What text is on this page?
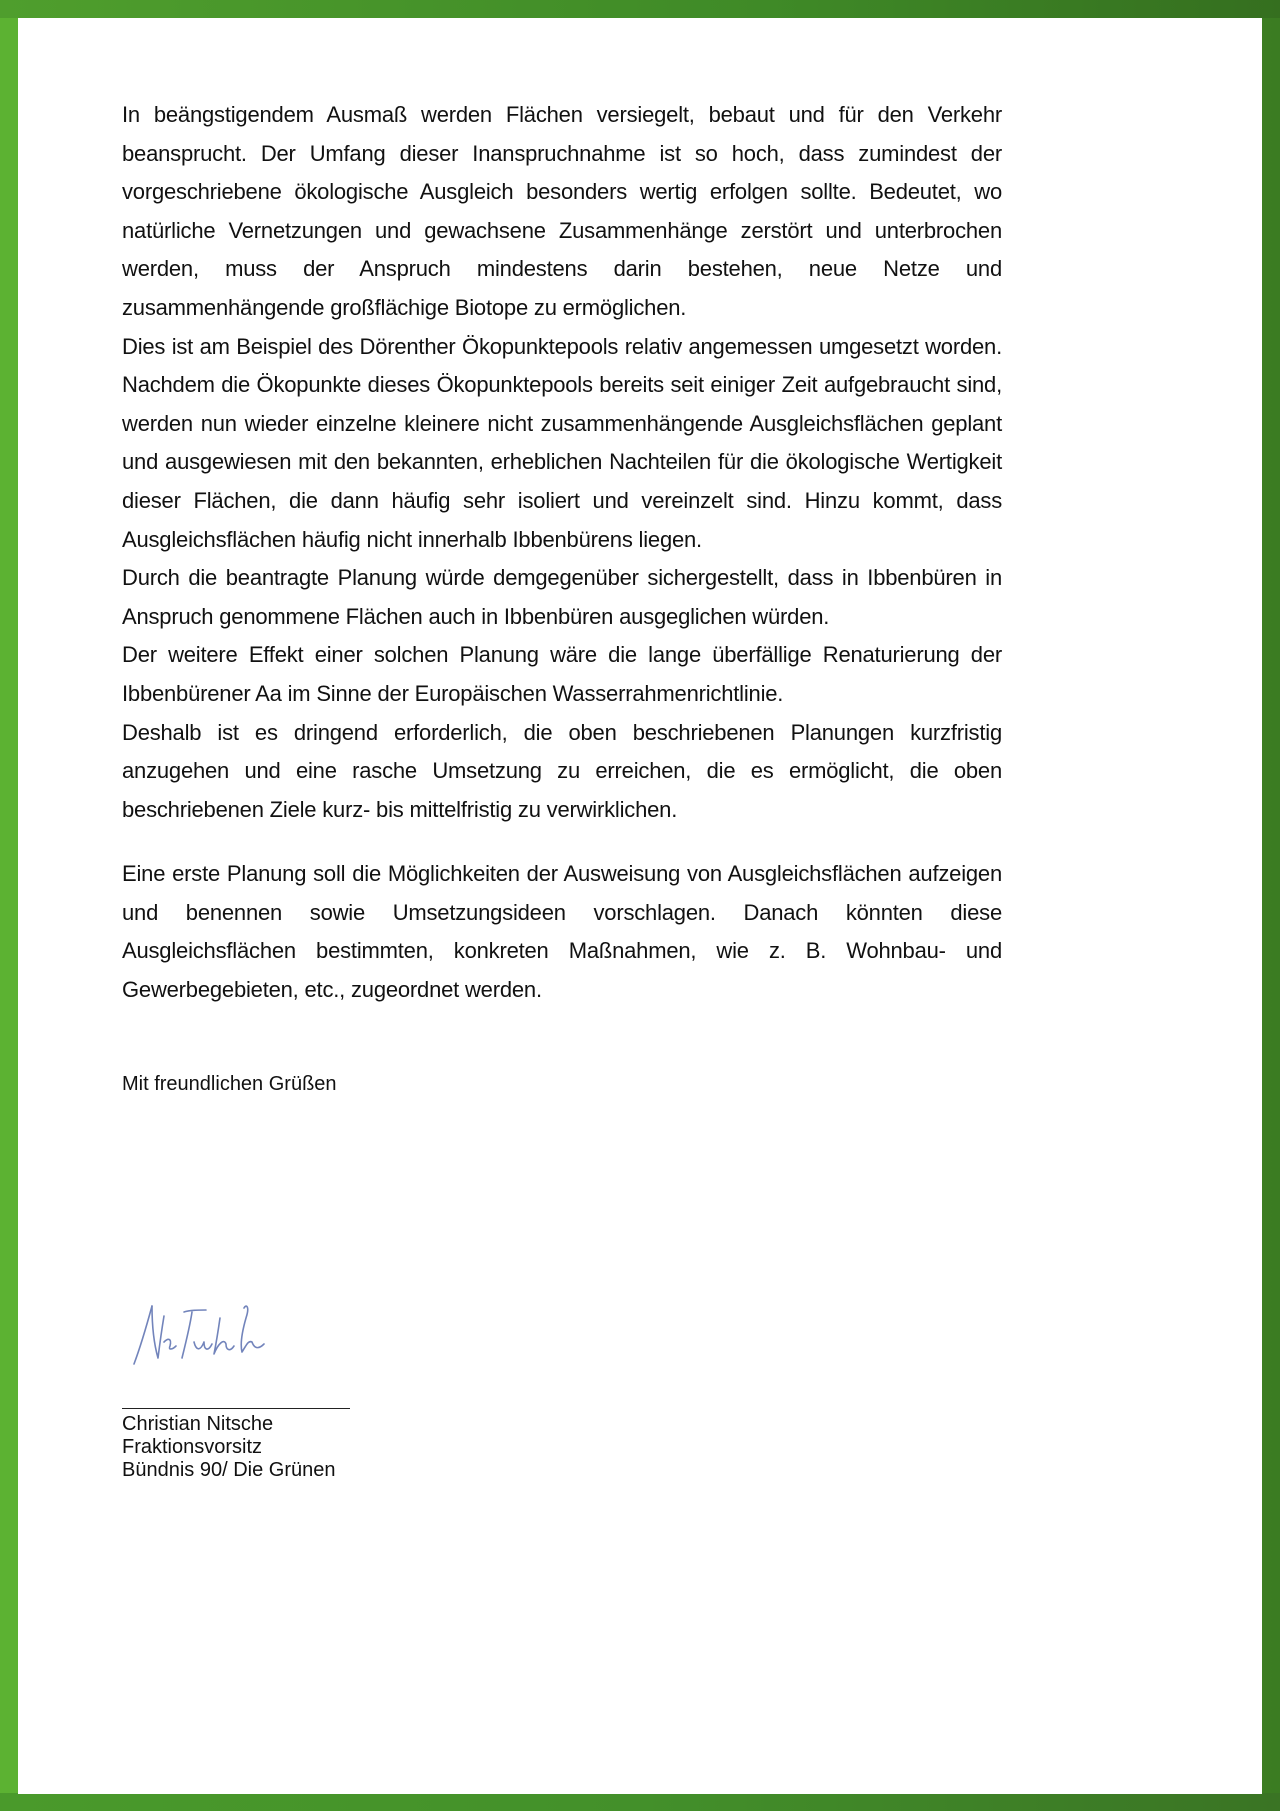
In beängstigendem Ausmaß werden Flächen versiegelt, bebaut und für den Verkehr beansprucht. Der Umfang dieser Inanspruchnahme ist so hoch, dass zumindest der vorgeschriebene ökologische Ausgleich besonders wertig erfolgen sollte. Bedeutet, wo natürliche Vernetzungen und gewachsene Zusammenhänge zerstört und unterbrochen werden, muss der Anspruch mindestens darin bestehen, neue Netze und zusammenhängende großflächige Biotope zu ermöglichen.

Dies ist am Beispiel des Dörenther Ökopunktepools relativ angemessen umgesetzt worden. Nachdem die Ökopunkte dieses Ökopunktepools bereits seit einiger Zeit aufgebraucht sind, werden nun wieder einzelne kleinere nicht zusammenhängende Ausgleichsflächen geplant und ausgewiesen mit den bekannten, erheblichen Nachteilen für die ökologische Wertigkeit dieser Flächen, die dann häufig sehr isoliert und vereinzelt sind. Hinzu kommt, dass Ausgleichsflächen häufig nicht innerhalb Ibbenbürens liegen.

Durch die beantragte Planung würde demgegenüber sichergestellt, dass in Ibbenbüren in Anspruch genommene Flächen auch in Ibbenbüren ausgeglichen würden.

Der weitere Effekt einer solchen Planung wäre die lange überfällige Renaturierung der Ibbenbürener Aa im Sinne der Europäischen Wasserrahmenrichtlinie.

Deshalb ist es dringend erforderlich, die oben beschriebenen Planungen kurzfristig anzugehen und eine rasche Umsetzung zu erreichen, die es ermöglicht, die oben beschriebenen Ziele kurz- bis mittelfristig zu verwirklichen.

Eine erste Planung soll die Möglichkeiten der Ausweisung von Ausgleichsflächen aufzeigen und benennen sowie Umsetzungsideen vorschlagen. Danach könnten diese Ausgleichsflächen bestimmten, konkreten Maßnahmen, wie z. B. Wohnbau- und Gewerbegebieten, etc., zugeordnet werden.

Mit freundlichen Grüßen
Christian Nitsche
Fraktionsvorsitz
Bündnis 90/ Die Grünen
